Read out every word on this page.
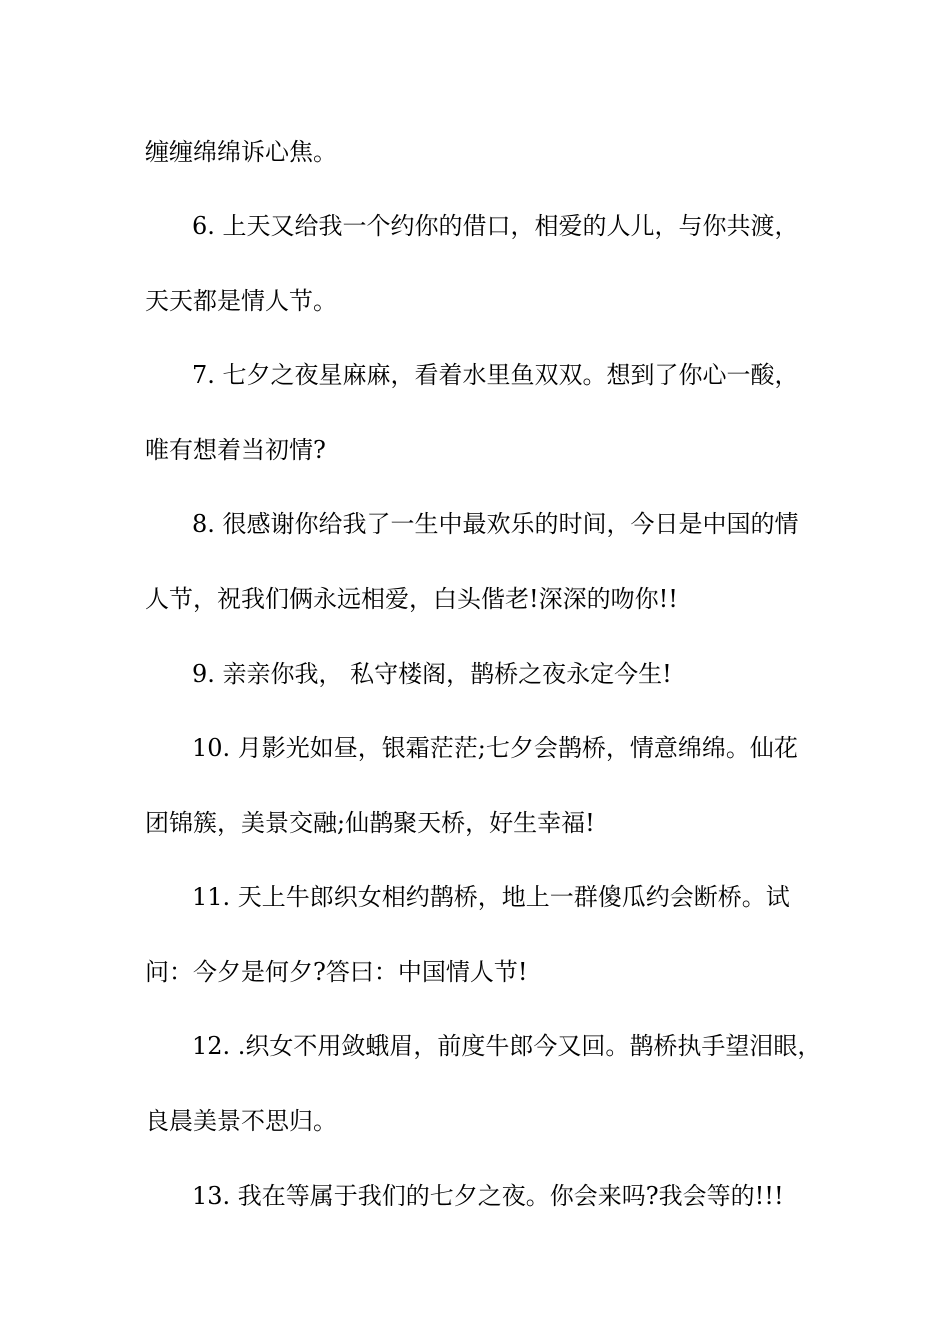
缠缠绵绵诉心焦。

6. 上天又给我一个约你的借口，相爱的人儿，与你共渡，

天天都是情人节。

7. 七夕之夜星麻麻，看着水里鱼双双。想到了你心一酸，

唯有想着当初情?

8. 很感谢你给我了一生中最欢乐的时间，今日是中国的情

人节，祝我们俩永远相爱，白头偕老!深深的吻你!!

9. 亲亲你我， 私守楼阁，鹊桥之夜永定今生!

10. 月影光如昼，银霜茫茫;七夕会鹊桥，情意绵绵。仙花

团锦簇，美景交融;仙鹊聚天桥，好生幸福!

11. 天上牛郎织女相约鹊桥，地上一群傻瓜约会断桥。试

问：今夕是何夕?答曰：中国情人节!

12. .织女不用敛蛾眉，前度牛郎今又回。鹊桥执手望泪眼，

良晨美景不思归。

13. 我在等属于我们的七夕之夜。你会来吗?我会等的!!!
